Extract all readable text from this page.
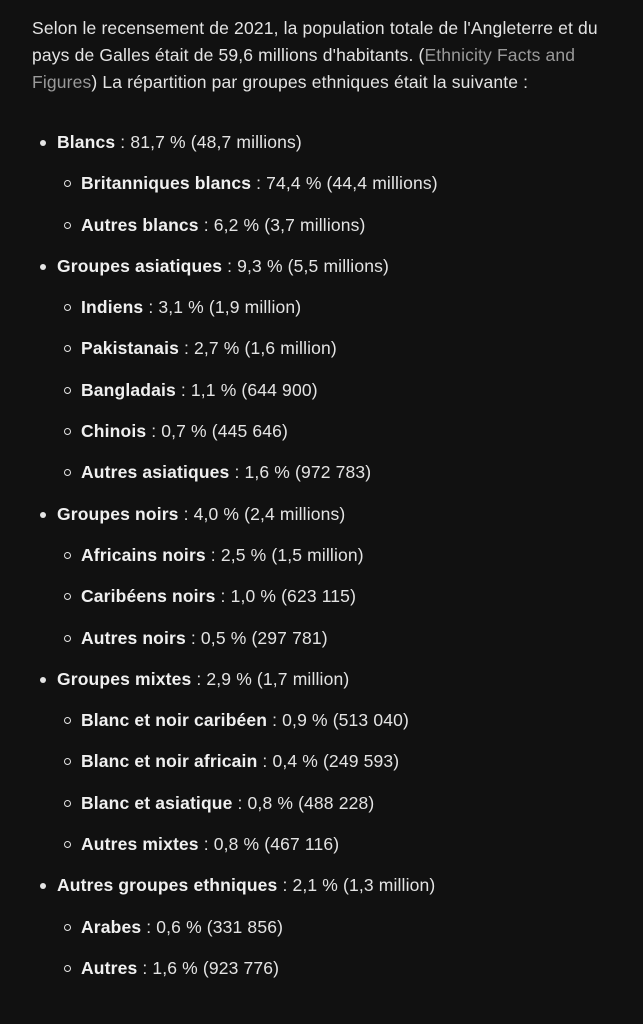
Selon le recensement de 2021, la population totale de l'Angleterre et du pays de Galles était de 59,6 millions d'habitants. (Ethnicity Facts and Figures) La répartition par groupes ethniques était la suivante :

Blancs : 81,7 % (48,7 millions)
Britanniques blancs : 74,4 % (44,4 millions)
Autres blancs : 6,2 % (3,7 millions)
Groupes asiatiques : 9,3 % (5,5 millions)
Indiens : 3,1 % (1,9 million)
Pakistanais : 2,7 % (1,6 million)
Bangladais : 1,1 % (644 900)
Chinois : 0,7 % (445 646)
Autres asiatiques : 1,6 % (972 783)
Groupes noirs : 4,0 % (2,4 millions)
Africains noirs : 2,5 % (1,5 million)
Caribéens noirs : 1,0 % (623 115)
Autres noirs : 0,5 % (297 781)
Groupes mixtes : 2,9 % (1,7 million)
Blanc et noir caribéen : 0,9 % (513 040)
Blanc et noir africain : 0,4 % (249 593)
Blanc et asiatique : 0,8 % (488 228)
Autres mixtes : 0,8 % (467 116)
Autres groupes ethniques : 2,1 % (1,3 million)
Arabes : 0,6 % (331 856)
Autres : 1,6 % (923 776)
